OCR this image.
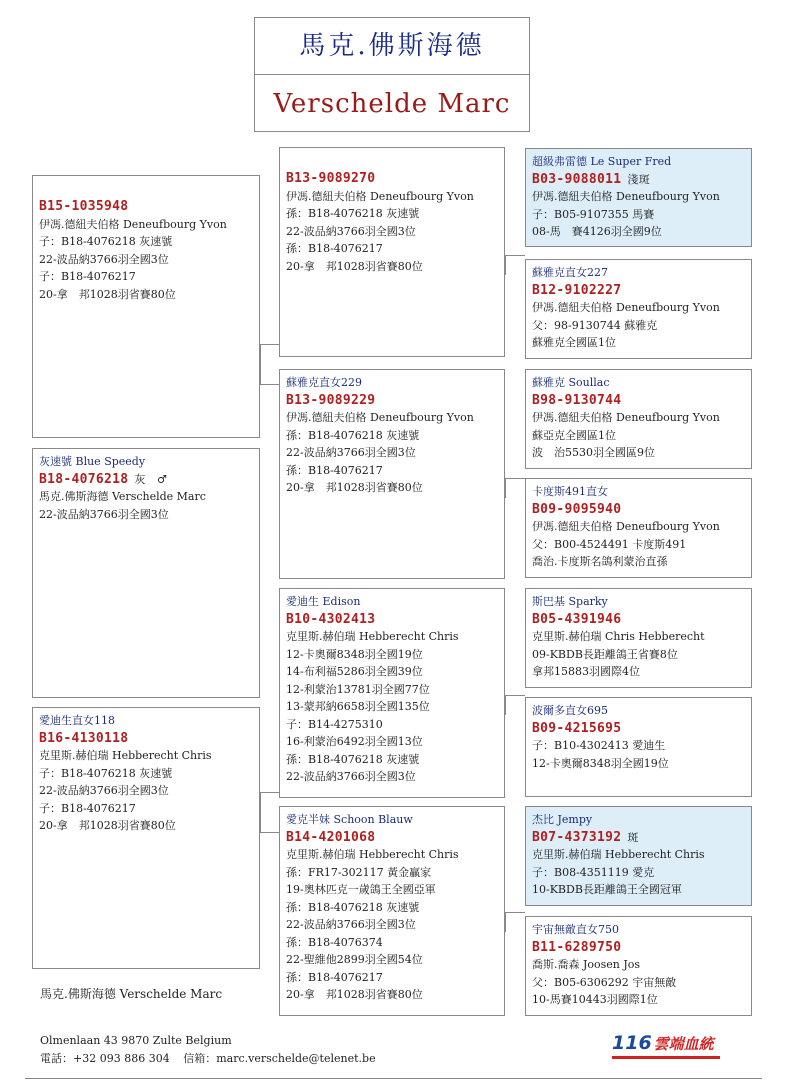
馬克.佛斯海德
Verschelde Marc
B15-1035948
伊馮.德紐夫伯格 Deneufbourg Yvon
子：B18-4076218 灰速號
22-波品納3766羽全國3位
子：B18-4076217
20-拿　邦1028羽省賽80位
灰速號 Blue Speedy
B18-4076218 灰　♂
馬克.佛斯海德 Verschelde Marc
22-波品納3766羽全國3位
愛迪生直女118
B16-4130118
克里斯.赫伯瑞 Hebberecht Chris
子：B18-4076218 灰速號
22-波品納3766羽全國3位
子：B18-4076217
20-拿　邦1028羽省賽80位
B13-9089270
伊馮.德紐夫伯格 Deneufbourg Yvon
孫：B18-4076218 灰速號
22-波品納3766羽全國3位
孫：B18-4076217
20-拿　邦1028羽省賽80位
蘇雅克直女229
B13-9089229
伊馮.德紐夫伯格 Deneufbourg Yvon
孫：B18-4076218 灰速號
22-波品納3766羽全國3位
孫：B18-4076217
20-拿　邦1028羽省賽80位
愛迪生 Edison
B10-4302413
克里斯.赫伯瑞 Hebberecht Chris
12-卡奧爾8348羽全國19位
14-布利福5286羽全國39位
12-利蒙治13781羽全國77位
13-蒙邦納6658羽全國135位
子：B14-4275310
16-利蒙治6492羽全國13位
孫：B18-4076218 灰速號
22-波品納3766羽全國3位
愛克半妹 Schoon Blauw
B14-4201068
克里斯.赫伯瑞 Hebberecht Chris
孫：FR17-302117 黃金贏家
19-奧林匹克一歲鴿王全國亞軍
孫：B18-4076218 灰速號
22-波品納3766羽全國3位
孫：B18-4076374
22-聖維他2899羽全國54位
孫：B18-4076217
20-拿　邦1028羽省賽80位
超級弗雷德 Le Super Fred
B03-9088011 淺斑
伊馮.德紐夫伯格 Deneufbourg Yvon
子：B05-9107355 馬賽
08-馬　賽4126羽全國9位
蘇雅克直女227
B12-9102227
伊馮.德紐夫伯格 Deneufbourg Yvon
父：98-9130744 蘇雅克
蘇雅克全國區1位
蘇雅克 Soullac
B98-9130744
伊馮.德紐夫伯格 Deneufbourg Yvon
蘇亞克全國區1位
波　治5530羽全國區9位
卡度斯491直女
B09-9095940
伊馮.德紐夫伯格 Deneufbourg Yvon
父：B00-4524491 卡度斯491
喬治.卡度斯名鴿利蒙治直孫
斯巴基 Sparky
B05-4391946
克里斯.赫伯瑞 Chris Hebberecht
09-KBDB長距離鴿王省賽8位
拿邦15883羽國際4位
波爾多直女695
B09-4215695
子：B10-4302413 愛迪生
12-卡奧爾8348羽全國19位
杰比 Jempy
B07-4373192 斑
克里斯.赫伯瑞 Hebberecht Chris
子：B08-4351119 愛克
10-KBDB長距離鴿王全國冠軍
宇宙無敵直女750
B11-6289750
喬斯.喬森 Joosen Jos
父：B05-6306292 宇宙無敵
10-馬賽10443羽國際1位
馬克.佛斯海德 Verschelde Marc
Olmenlaan 43 9870 Zulte Belgium
電話：+32 093 886 304 信箱：marc.verschelde@telenet.be
116 雲端血統
